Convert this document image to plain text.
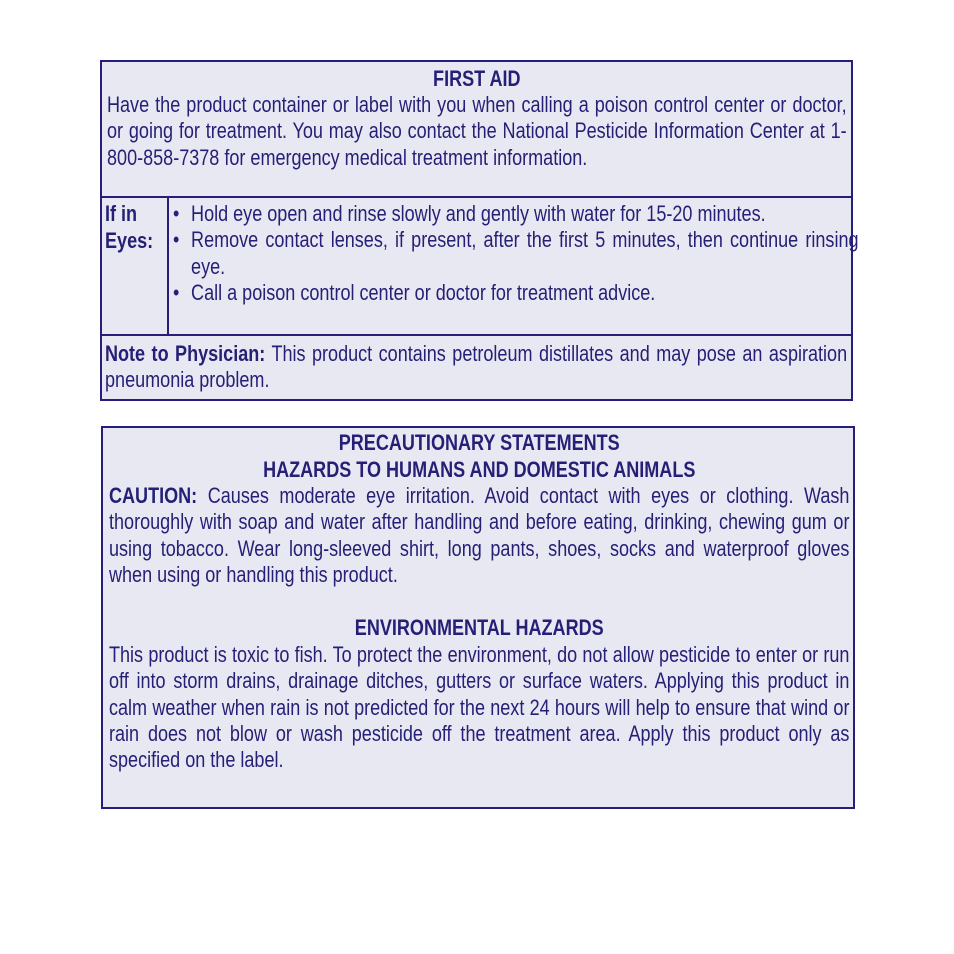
FIRST AID
Have the product container or label with you when calling a poison control center or doctor, or going for treatment. You may also contact the National Pesticide Information Center at 1-800-858-7378 for emergency medical treatment information.
If in Eyes:
• Hold eye open and rinse slowly and gently with water for 15-20 minutes.
• Remove contact lenses, if present, after the first 5 minutes, then continue rinsing eye.
• Call a poison control center or doctor for treatment advice.
Note to Physician: This product contains petroleum distillates and may pose an aspiration pneumonia problem.
PRECAUTIONARY STATEMENTS
HAZARDS TO HUMANS AND DOMESTIC ANIMALS
CAUTION: Causes moderate eye irritation. Avoid contact with eyes or clothing. Wash thoroughly with soap and water after handling and before eating, drinking, chewing gum or using tobacco. Wear long-sleeved shirt, long pants, shoes, socks and waterproof gloves when using or handling this product.
ENVIRONMENTAL HAZARDS
This product is toxic to fish. To protect the environment, do not allow pesticide to enter or run off into storm drains, drainage ditches, gutters or surface waters. Applying this product in calm weather when rain is not predicted for the next 24 hours will help to ensure that wind or rain does not blow or wash pesticide off the treatment area. Apply this product only as specified on the label.
